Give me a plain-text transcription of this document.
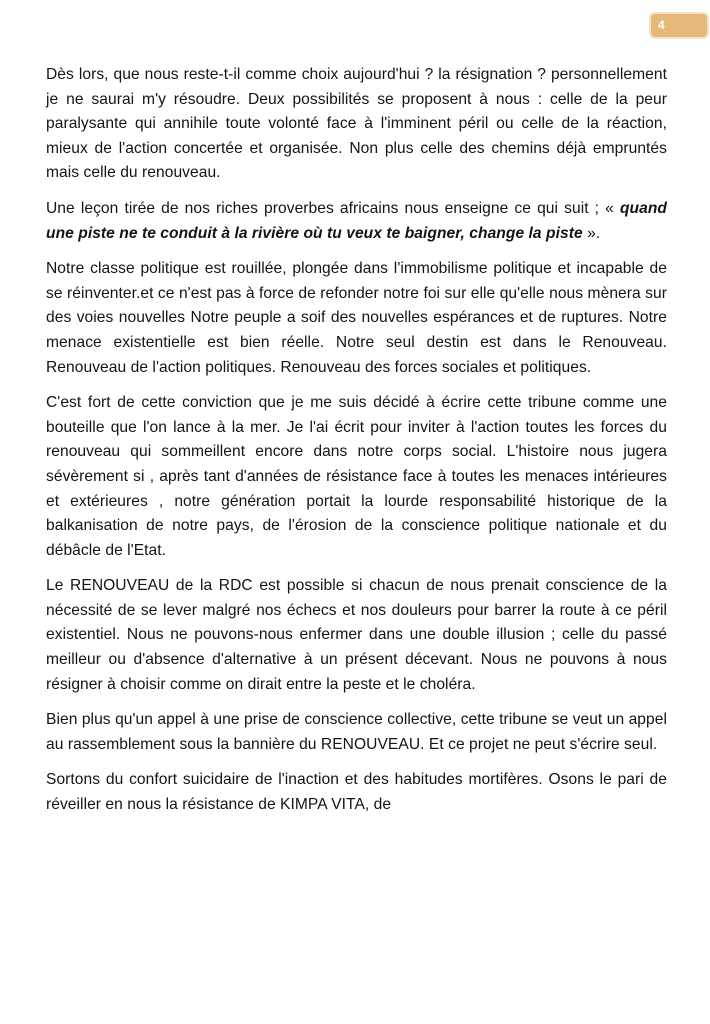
4

Dès lors, que nous reste-t-il comme choix aujourd'hui ? la résignation ? personnellement je ne saurai m'y résoudre. Deux possibilités se proposent à nous : celle de la peur paralysante qui annihile toute volonté face à l'imminent péril ou celle de la réaction, mieux de l'action concertée et organisée. Non plus celle des chemins déjà empruntés mais celle du renouveau.

Une leçon tirée de nos riches proverbes africains nous enseigne ce qui suit ; « quand une piste ne te conduit à la rivière où tu veux te baigner, change la piste ».

Notre classe politique est rouillée, plongée dans l'immobilisme politique et incapable de se réinventer.et ce n'est pas à force de refonder notre foi sur elle qu'elle nous mènera sur des voies nouvelles Notre peuple a soif des nouvelles espérances et de ruptures. Notre menace existentielle est bien réelle. Notre seul destin est dans le Renouveau. Renouveau de l'action politiques. Renouveau des forces sociales et politiques.

C'est fort de cette conviction que je me suis décidé à écrire cette tribune comme une bouteille que l'on lance à la mer. Je l'ai écrit pour inviter à l'action toutes les forces du renouveau qui sommeillent encore dans notre corps social. L'histoire nous jugera sévèrement si , après tant d'années de résistance face à toutes les menaces intérieures et extérieures , notre génération portait la lourde responsabilité historique de la balkanisation de notre pays, de l'érosion de la conscience politique nationale et du débâcle de l'Etat.

Le RENOUVEAU de la RDC est possible si chacun de nous prenait conscience de la nécessité de se lever malgré nos échecs et nos douleurs pour barrer la route à ce péril existentiel. Nous ne pouvons-nous enfermer dans une double illusion ; celle du passé meilleur ou d'absence d'alternative à un présent décevant. Nous ne pouvons à nous résigner à choisir comme on dirait entre la peste et le choléra.

Bien plus qu'un appel à une prise de conscience collective, cette tribune se veut un appel au rassemblement sous la bannière du RENOUVEAU. Et ce projet ne peut s'écrire seul.

Sortons du confort suicidaire de l'inaction et des habitudes mortifères. Osons le pari de réveiller en nous la résistance de KIMPA VITA, de
